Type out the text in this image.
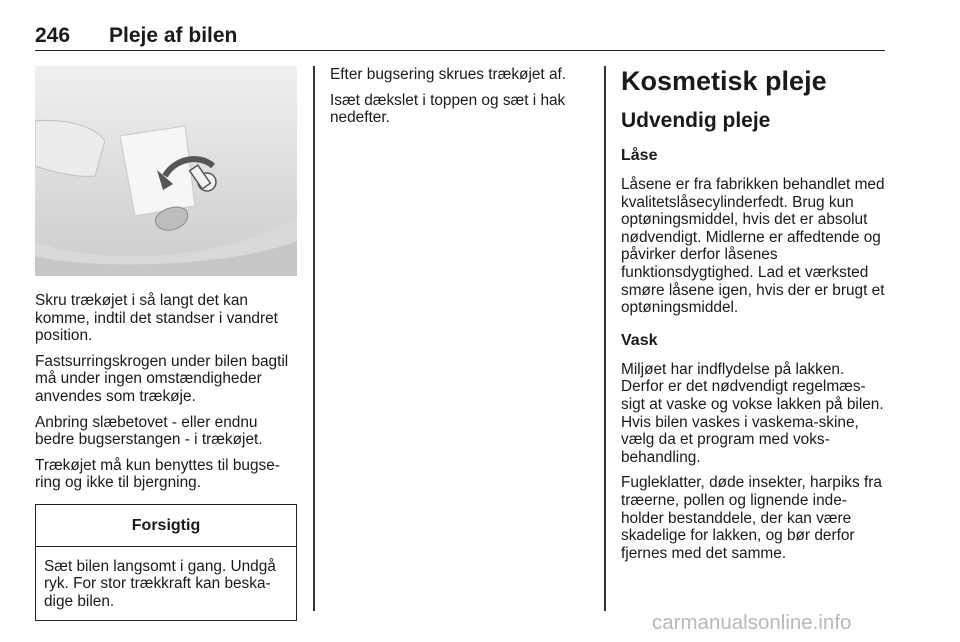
246 Pleje af bilen

Skru trækøjet i så langt det kan komme, indtil det standser i vandret position.

Fastsurringskrogen under bilen bagtil må under ingen omstændigheder anvendes som trækøje.

Anbring slæbetovet - eller endnu bedre bugserstangen - i trækøjet.

Trækøjet må kun benyttes til bugse-ring og ikke til bjergning.

Forsigtig
Sæt bilen langsomt i gang. Undgå ryk. For stor trækkraft kan beska-dige bilen.

Efter bugsering skrues trækøjet af.

Isæt dækslet i toppen og sæt i hak nedefter.

Kosmetisk pleje
Udvendig pleje
Låse

Låsene er fra fabrikken behandlet med kvalitetslåsecylinderfedt. Brug kun optøningsmiddel, hvis det er absolut nødvendigt. Midlerne er affedtende og påvirker derfor låsenes funktionsdygtighed. Lad et værksted smøre låsene igen, hvis der er brugt et optøningsmiddel.

Vask

Miljøet har indflydelse på lakken. Derfor er det nødvendigt regelmæs-sigt at vaske og vokse lakken på bilen. Hvis bilen vaskes i vaskema-skine, vælg da et program med voks-behandling.

Fugleklatter, døde insekter, harpiks fra træerne, pollen og lignende inde-holder bestanddele, der kan være skadelige for lakken, og bør derfor fjernes med det samme.

carmanualsonline.info
